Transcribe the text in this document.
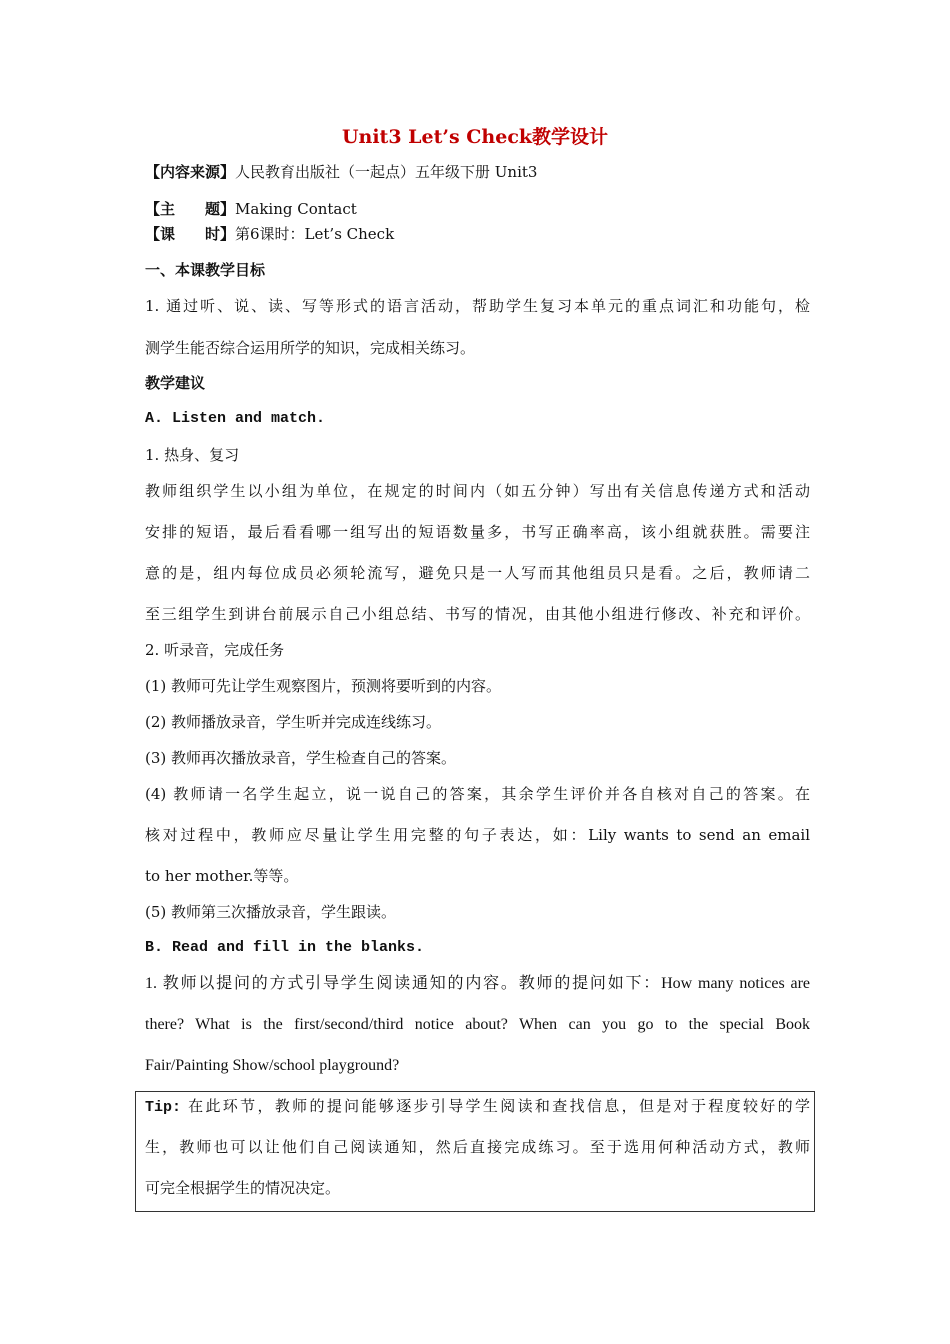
Unit3 Let’s Check教学设计
【内容来源】人民教育出版社（一起点）五年级下册 Unit3
【主　　题】Making Contact
【课　　时】第6课时：Let’s Check
一、本课教学目标
1. 通过听、说、读、写等形式的语言活动，帮助学生复习本单元的重点词汇和功能句，检
测学生能否综合运用所学的知识，完成相关练习。
教学建议
A. Listen and match.
1. 热身、复习
教师组织学生以小组为单位，在规定的时间内（如五分钟）写出有关信息传递方式和活动
安排的短语，最后看看哪一组写出的短语数量多，书写正确率高，该小组就获胜。需要注
意的是，组内每位成员必须轮流写，避免只是一人写而其他组员只是看。之后，教师请二
至三组学生到讲台前展示自己小组总结、书写的情况，由其他小组进行修改、补充和评价。
2. 听录音，完成任务
(1) 教师可先让学生观察图片，预测将要听到的内容。
(2) 教师播放录音，学生听并完成连线练习。
(3) 教师再次播放录音，学生检查自己的答案。
(4) 教师请一名学生起立，说一说自己的答案，其余学生评价并各自核对自己的答案。在
核对过程中，教师应尽量让学生用完整的句子表达，如：Lily wants to send an email
to her mother.等等。
(5) 教师第三次播放录音，学生跟读。
B. Read and fill in the blanks.
1. 教师以提问的方式引导学生阅读通知的内容。教师的提问如下：How many notices are
there? What is the first/second/third notice about? When can you go to the special Book
Fair/Painting Show/school playground?
Tip: 在此环节，教师的提问能够逐步引导学生阅读和查找信息，但是对于程度较好的学
生，教师也可以让他们自己阅读通知，然后直接完成练习。至于选用何种活动方式，教师
可完全根据学生的情况决定。
